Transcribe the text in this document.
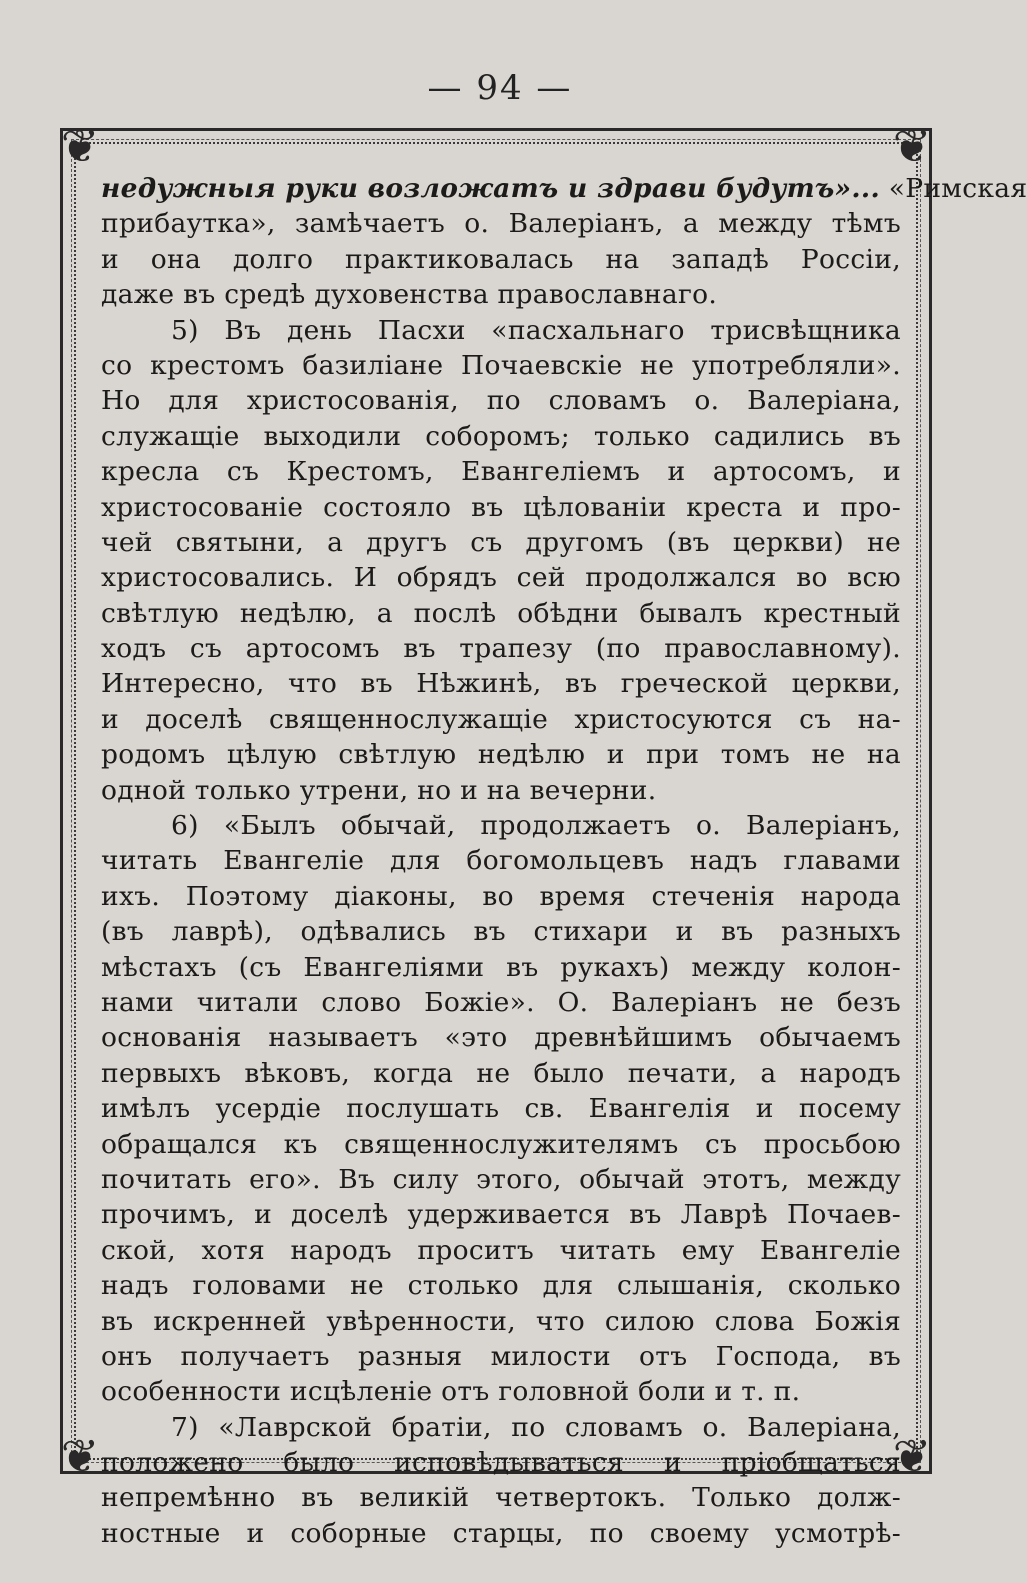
— 94 —
❦	❦
❦	❦
недужныя руки возложатъ и здрави будутъ»... «Римская
прибаутка», замѣчаетъ о. Валеріанъ, а между тѣмъ
и она долго практиковалась на западѣ Россіи,
даже въ средѣ духовенства православнаго.
5) Въ день Пасхи «пасхальнаго трисвѣщника
со крестомъ базиліане Почаевскіе не употребляли».
Но для христосованія, по словамъ о. Валеріана,
служащіе выходили соборомъ; только садились въ
кресла съ Крестомъ, Евангеліемъ и артосомъ, и
христосованіе состояло въ цѣлованіи креста и про-
чей святыни, а другъ съ другомъ (въ церкви) не
христосовались. И обрядъ сей продолжался во всю
свѣтлую недѣлю, а послѣ обѣдни бывалъ крестный
ходъ съ артосомъ въ трапезу (по православному).
Интересно, что въ Нѣжинѣ, въ греческой церкви,
и доселѣ священнослужащіе христосуются съ на-
родомъ цѣлую свѣтлую недѣлю и при томъ не на
одной только утрени, но и на вечерни.
6) «Былъ обычай, продолжаетъ о. Валеріанъ,
читать Евангеліе для богомольцевъ надъ главами
ихъ. Поэтому діаконы, во время стеченія народа
(въ лаврѣ), одѣвались въ стихари и въ разныхъ
мѣстахъ (съ Евангеліями въ рукахъ) между колон-
нами читали слово Божіе». О. Валеріанъ не безъ
основанія называетъ «это древнѣйшимъ обычаемъ
первыхъ вѣковъ, когда не было печати, а народъ
имѣлъ усердіе послушать св. Евангелія и посему
обращался къ священнослужителямъ съ просьбою
почитать его». Въ силу этого, обычай этотъ, между
прочимъ, и доселѣ удерживается въ Лаврѣ Почаев-
ской, хотя народъ проситъ читать ему Евангеліе
надъ головами не столько для слышанія, сколько
въ искренней увѣренности, что силою слова Божія
онъ получаетъ разныя милости отъ Господа, въ
особенности исцѣленіе отъ головной боли и т. п.
7) «Лаврской братіи, по словамъ о. Валеріана,
положено было исповѣдываться и пріобщаться
непремѣнно въ великій четвертокъ. Только долж-
ностные и соборные старцы, по своему усмотрѣ-
